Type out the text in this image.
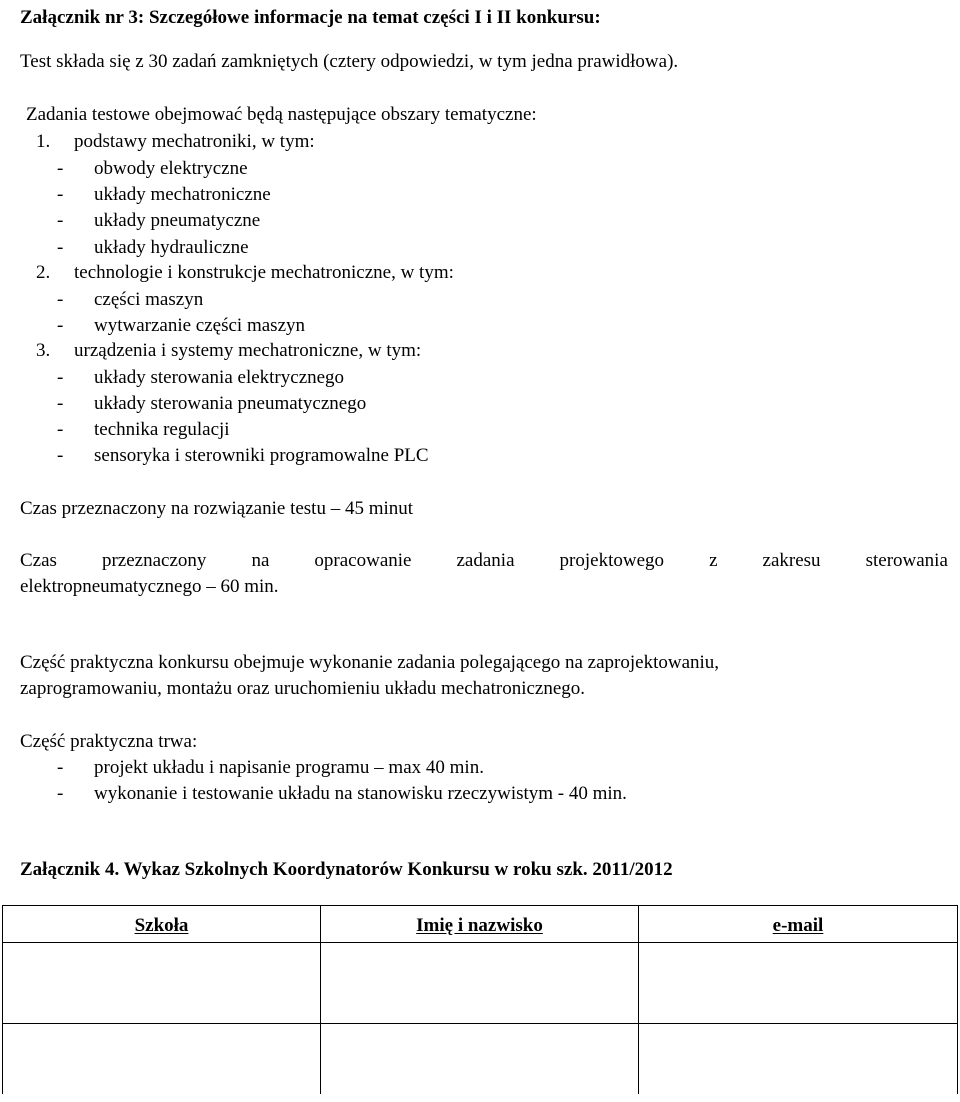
Załącznik nr 3: Szczegółowe informacje na temat części I i II konkursu:
Test składa się z 30 zadań zamkniętych (cztery odpowiedzi, w tym jedna prawidłowa).
Zadania testowe obejmować będą następujące obszary tematyczne:
1. podstawy mechatroniki, w tym:
- obwody elektryczne
- układy mechatroniczne
- układy pneumatyczne
- układy hydrauliczne
2. technologie i konstrukcje mechatroniczne, w tym:
- części maszyn
- wytwarzanie części maszyn
3. urządzenia i systemy mechatroniczne, w tym:
- układy sterowania elektrycznego
- układy sterowania pneumatycznego
- technika regulacji
- sensoryka i sterowniki programowalne PLC
Czas przeznaczony na rozwiązanie testu – 45 minut
Czas przeznaczony na opracowanie zadania projektowego z zakresu sterowania
elektropneumatycznego – 60 min.
Część praktyczna konkursu obejmuje wykonanie zadania polegającego na zaprojektowaniu,
zaprogramowaniu, montażu oraz uruchomieniu układu mechatronicznego.
Część praktyczna trwa:
- projekt układu i napisanie programu – max 40 min.
- wykonanie i testowanie układu na stanowisku rzeczywistym - 40 min.
Załącznik 4. Wykaz Szkolnych Koordynatorów Konkursu w roku szk. 2011/2012
Szkoła	Imię i nazwisko	e-mail
